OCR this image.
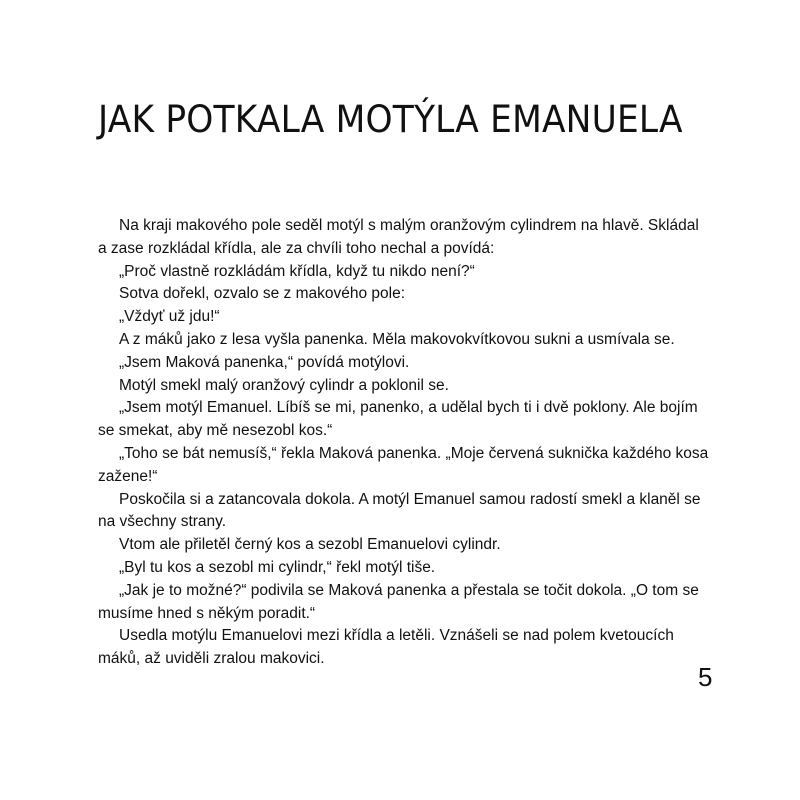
JAK POTKALA MOTÝLA EMANUELA

Na kraji makového pole seděl motýl s malým oranžovým cylindrem na hlavě. Skládal
a zase rozkládal křídla, ale za chvíli toho nechal a povídá:

„Proč vlastně rozkládám křídla, když tu nikdo není?“

Sotva dořekl, ozvalo se z makového pole:

„Vždyť už jdu!“

A z máků jako z lesa vyšla panenka. Měla makovokvítkovou sukni a usmívala se.

„Jsem Maková panenka,“ povídá motýlovi.

Motýl smekl malý oranžový cylindr a poklonil se.

„Jsem motýl Emanuel. Líbíš se mi, panenko, a udělal bych ti i dvě poklony. Ale bojím
se smekat, aby mě nesezobl kos.“

„Toho se bát nemusíš,“ řekla Maková panenka. „Moje červená suknička každého kosa
zažene!“

Poskočila si a zatancovala dokola. A motýl Emanuel samou radostí smekl a klaněl se
na všechny strany.

Vtom ale přiletěl černý kos a sezobl Emanuelovi cylindr.

„Byl tu kos a sezobl mi cylindr,“ řekl motýl tiše.

„Jak je to možné?“ podivila se Maková panenka a přestala se točit dokola. „O tom se
musíme hned s někým poradit.“

Usedla motýlu Emanuelovi mezi křídla a letěli. Vznášeli se nad polem kvetoucích
máků, až uviděli zralou makovici.

5
